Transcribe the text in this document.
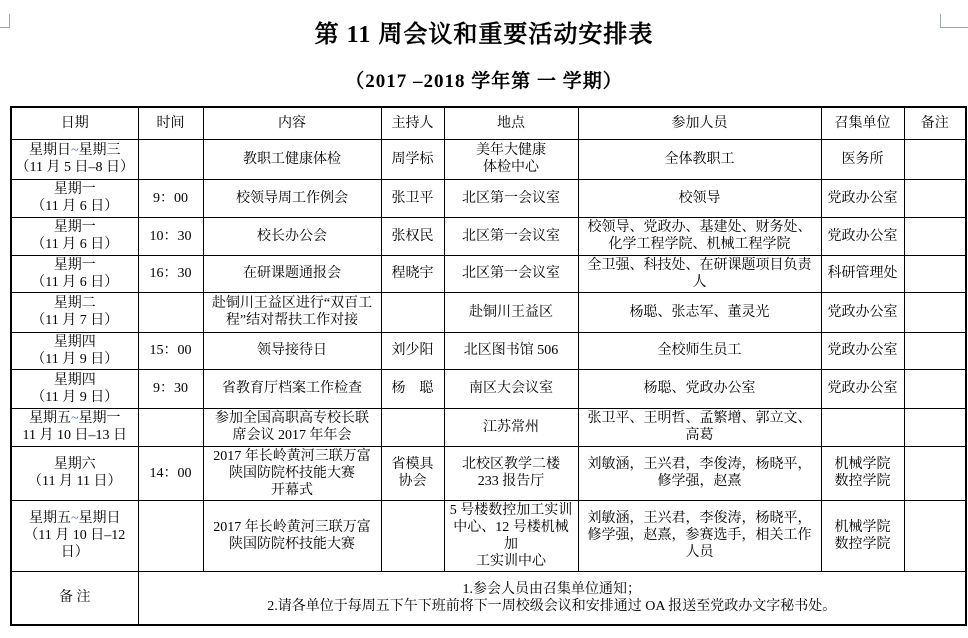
第 11 周会议和重要活动安排表
（2017 –2018 学年第 一 学期）
日期	时间	内容	主持人	地点	参加人员	召集单位	备注
星期日~星期三
（11 月 5 日–8 日）		教职工健康体检	周学标	美年大健康
体检中心	全体教职工	医务所	
星期一
（11 月 6 日）	9：00	校领导周工作例会	张卫平	北区第一会议室	校领导	党政办公室	
星期一
（11 月 6 日）	10：30	校长办公会	张权民	北区第一会议室	校领导、党政办、基建处、财务处、
化学工程学院、机械工程学院	党政办公室	
星期一
（11 月 6 日）	16：30	在研课题通报会	程晓宇	北区第一会议室	全卫强、科技处、在研课题项目负责
人	科研管理处	
星期二
（11 月 7 日）		赴铜川王益区进行“双百工
程”结对帮扶工作对接		赴铜川王益区	杨聪、张志军、董灵光	党政办公室	
星期四
（11 月 9 日）	15：00	领导接待日	刘少阳	北区图书馆 506	全校师生员工	党政办公室	
星期四
（11 月 9 日）	9：30	省教育厅档案工作检查	杨　聪	南区大会议室	杨聪、党政办公室	党政办公室	
星期五~星期一
11 月 10 日–13 日		参加全国高职高专校长联
席会议 2017 年年会		江苏常州	张卫平、王明哲、孟繁增、郭立文、
高葛		
星期六
（11 月 11 日）	14：00	2017 年长岭黄河三联万富
陕国防院杯技能大赛
开幕式	省模具
协会	北校区教学二楼
233 报告厅	刘敏涵，王兴君，李俊涛，杨晓平，
修学强，赵熹	机械学院
数控学院	
星期五~星期日
（11 月 10 日–12
日）		2017 年长岭黄河三联万富
陕国防院杯技能大赛		5 号楼数控加工实训
中心、12 号楼机械加
工实训中心	刘敏涵，王兴君，李俊涛，杨晓平，
修学强，赵熹，参赛选手，相关工作
人员	机械学院
数控学院	
备 注	1.参会人员由召集单位通知；
2.请各单位于每周五下午下班前将下一周校级会议和安排通过 OA 报送至党政办文字秘书处。						
